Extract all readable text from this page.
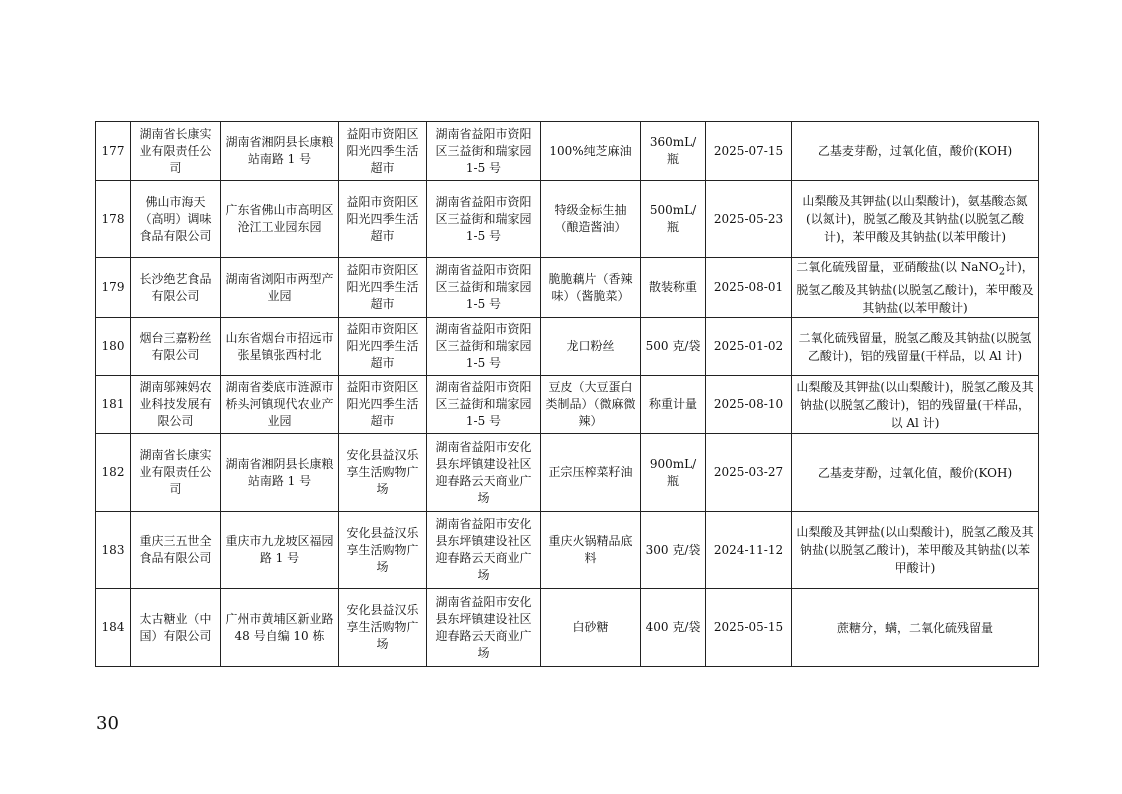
177	湖南省长康实业有限责任公司	湖南省湘阴县长康粮站南路 1 号	益阳市资阳区阳光四季生活超市	湖南省益阳市资阳区三益街和瑞家园 1-5 号	100%纯芝麻油	360mL/瓶	2025-07-15	乙基麦芽酚，过氧化值，酸价(KOH)
178	佛山市海天（高明）调味食品有限公司	广东省佛山市高明区沧江工业园东园	益阳市资阳区阳光四季生活超市	湖南省益阳市资阳区三益街和瑞家园 1-5 号	特级金标生抽（酿造酱油）	500mL/瓶	2025-05-23	山梨酸及其钾盐(以山梨酸计)，氨基酸态氮(以氮计)，脱氢乙酸及其钠盐(以脱氢乙酸计)，苯甲酸及其钠盐(以苯甲酸计)
179	长沙绝艺食品有限公司	湖南省浏阳市两型产业园	益阳市资阳区阳光四季生活超市	湖南省益阳市资阳区三益街和瑞家园 1-5 号	脆脆藕片（香辣味）（酱脆菜）	散装称重	2025-08-01	二氧化硫残留量，亚硝酸盐(以 NaNO$_2$计)，脱氢乙酸及其钠盐(以脱氢乙酸计)，苯甲酸及其钠盐(以苯甲酸计)
180	烟台三嘉粉丝有限公司	山东省烟台市招远市张星镇张西村北	益阳市资阳区阳光四季生活超市	湖南省益阳市资阳区三益街和瑞家园 1-5 号	龙口粉丝	500 克/袋	2025-01-02	二氧化硫残留量，脱氢乙酸及其钠盐(以脱氢乙酸计)，铝的残留量(干样品，以 Al 计)
181	湖南邬辣妈农业科技发展有限公司	湖南省娄底市涟源市桥头河镇现代农业产业园	益阳市资阳区阳光四季生活超市	湖南省益阳市资阳区三益街和瑞家园 1-5 号	豆皮（大豆蛋白类制品）（微麻微辣）	称重计量	2025-08-10	山梨酸及其钾盐(以山梨酸计)，脱氢乙酸及其钠盐(以脱氢乙酸计)，铝的残留量(干样品，以 Al 计)
182	湖南省长康实业有限责任公司	湖南省湘阴县长康粮站南路 1 号	安化县益汉乐享生活购物广场	湖南省益阳市安化县东坪镇建设社区迎春路云天商业广场	正宗压榨菜籽油	900mL/瓶	2025-03-27	乙基麦芽酚，过氧化值，酸价(KOH)
183	重庆三五世全食品有限公司	重庆市九龙坡区福园路 1 号	安化县益汉乐享生活购物广场	湖南省益阳市安化县东坪镇建设社区迎春路云天商业广场	重庆火锅精品底料	300 克/袋	2024-11-12	山梨酸及其钾盐(以山梨酸计)，脱氢乙酸及其钠盐(以脱氢乙酸计)，苯甲酸及其钠盐(以苯甲酸计)
184	太古糖业（中国）有限公司	广州市黄埔区新业路 48 号自编 10 栋	安化县益汉乐享生活购物广场	湖南省益阳市安化县东坪镇建设社区迎春路云天商业广场	白砂糖	400 克/袋	2025-05-15	蔗糖分，螨，二氧化硫残留量
30
